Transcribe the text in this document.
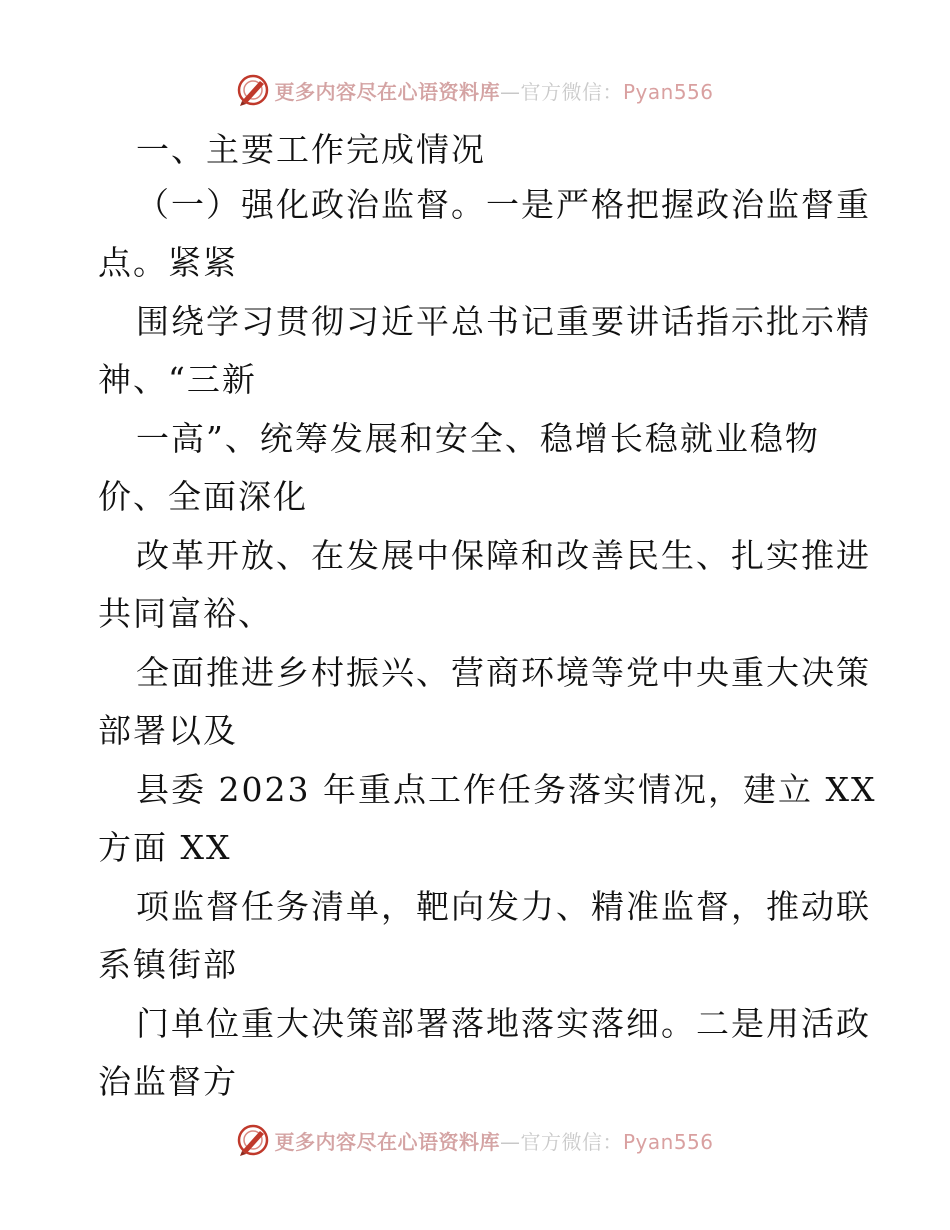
更多内容尽在心语资料库—官方微信：Pyan556
一、主要工作完成情况
（一）强化政治监督。一是严格把握政治监督重
点。紧紧
围绕学习贯彻习近平总书记重要讲话指示批示精
神、“三新
一高”、统筹发展和安全、稳增长稳就业稳物
价、全面深化
改革开放、在发展中保障和改善民生、扎实推进
共同富裕、
全面推进乡村振兴、营商环境等党中央重大决策
部署以及
县委 2023 年重点工作任务落实情况，建立 XX
方面 XX
项监督任务清单，靶向发力、精准监督，推动联
系镇街部
门单位重大决策部署落地落实落细。二是用活政
治监督方
更多内容尽在心语资料库—官方微信：Pyan556
